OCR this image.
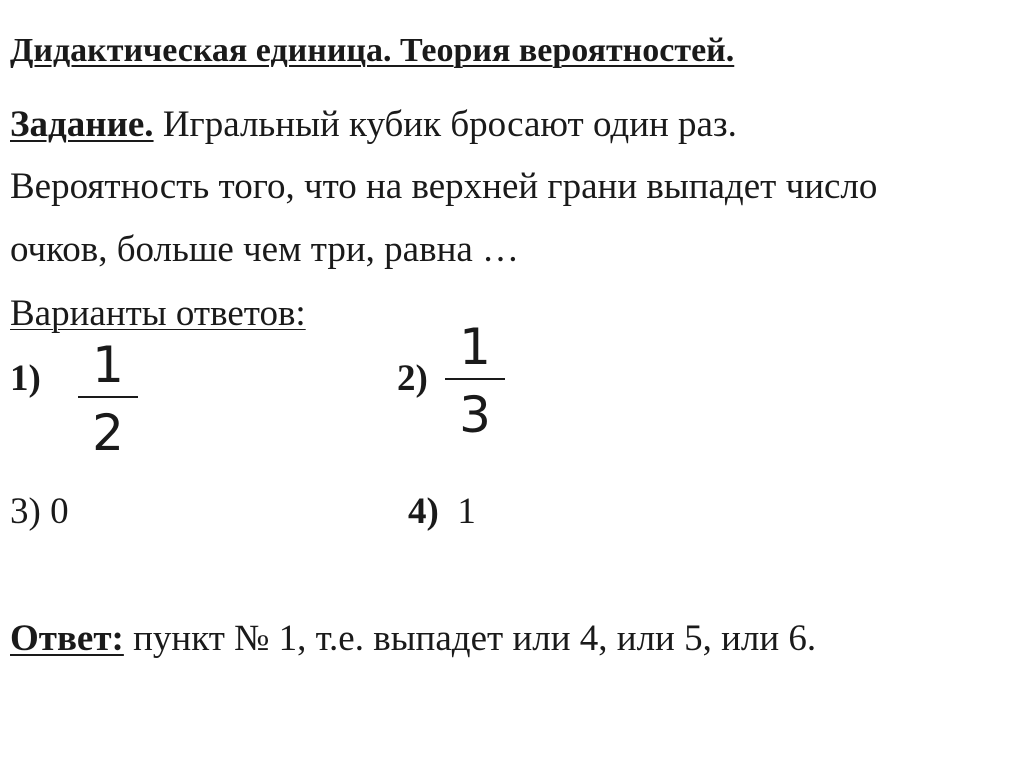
Дидактическая единица. Теория вероятностей.
Задание. Игральный кубик бросают один раз.
Вероятность того, что на верхней грани выпадет число
очков, больше чем три, равна …
Варианты ответов:
1) 1
2
2)
1
3
3) 0	4) 1
Ответ: пункт № 1, т.е. выпадет или 4, или 5, или 6.
